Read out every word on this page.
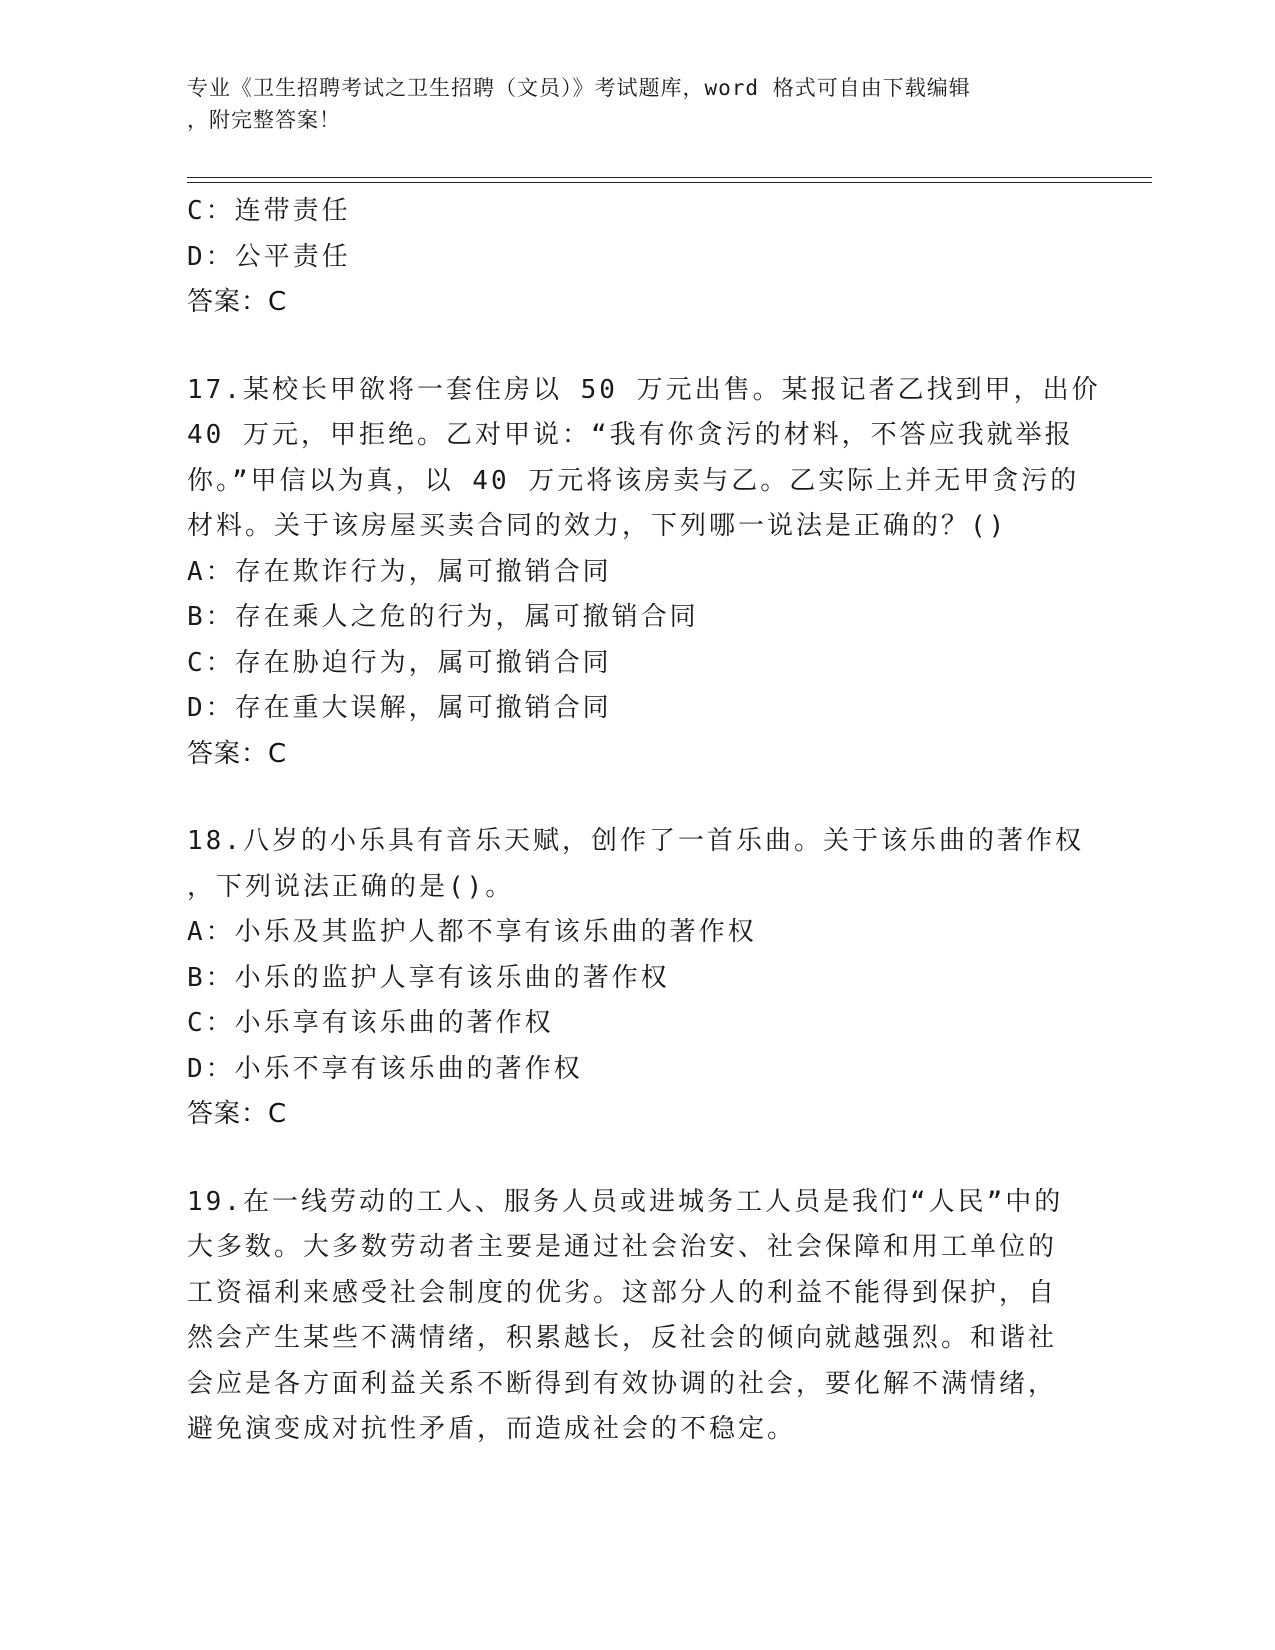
专业《卫生招聘考试之卫生招聘（文员）》考试题库，word 格式可自由下载编辑
，附完整答案！
C：连带责任
D：公平责任
答案：C
17.某校长甲欲将一套住房以 50 万元出售。某报记者乙找到甲，出价
40 万元，甲拒绝。乙对甲说：“我有你贪污的材料，不答应我就举报
你。”甲信以为真，以 40 万元将该房卖与乙。乙实际上并无甲贪污的
材料。关于该房屋买卖合同的效力，下列哪一说法是正确的？()
A：存在欺诈行为，属可撤销合同
B：存在乘人之危的行为，属可撤销合同
C：存在胁迫行为，属可撤销合同
D：存在重大误解，属可撤销合同
答案：C
18.八岁的小乐具有音乐天赋，创作了一首乐曲。关于该乐曲的著作权
，下列说法正确的是()。
A：小乐及其监护人都不享有该乐曲的著作权
B：小乐的监护人享有该乐曲的著作权
C：小乐享有该乐曲的著作权
D：小乐不享有该乐曲的著作权
答案：C
19.在一线劳动的工人、服务人员或进城务工人员是我们“人民”中的
大多数。大多数劳动者主要是通过社会治安、社会保障和用工单位的
工资福利来感受社会制度的优劣。这部分人的利益不能得到保护，自
然会产生某些不满情绪，积累越长，反社会的倾向就越强烈。和谐社
会应是各方面利益关系不断得到有效协调的社会，要化解不满情绪，
避免演变成对抗性矛盾，而造成社会的不稳定。
